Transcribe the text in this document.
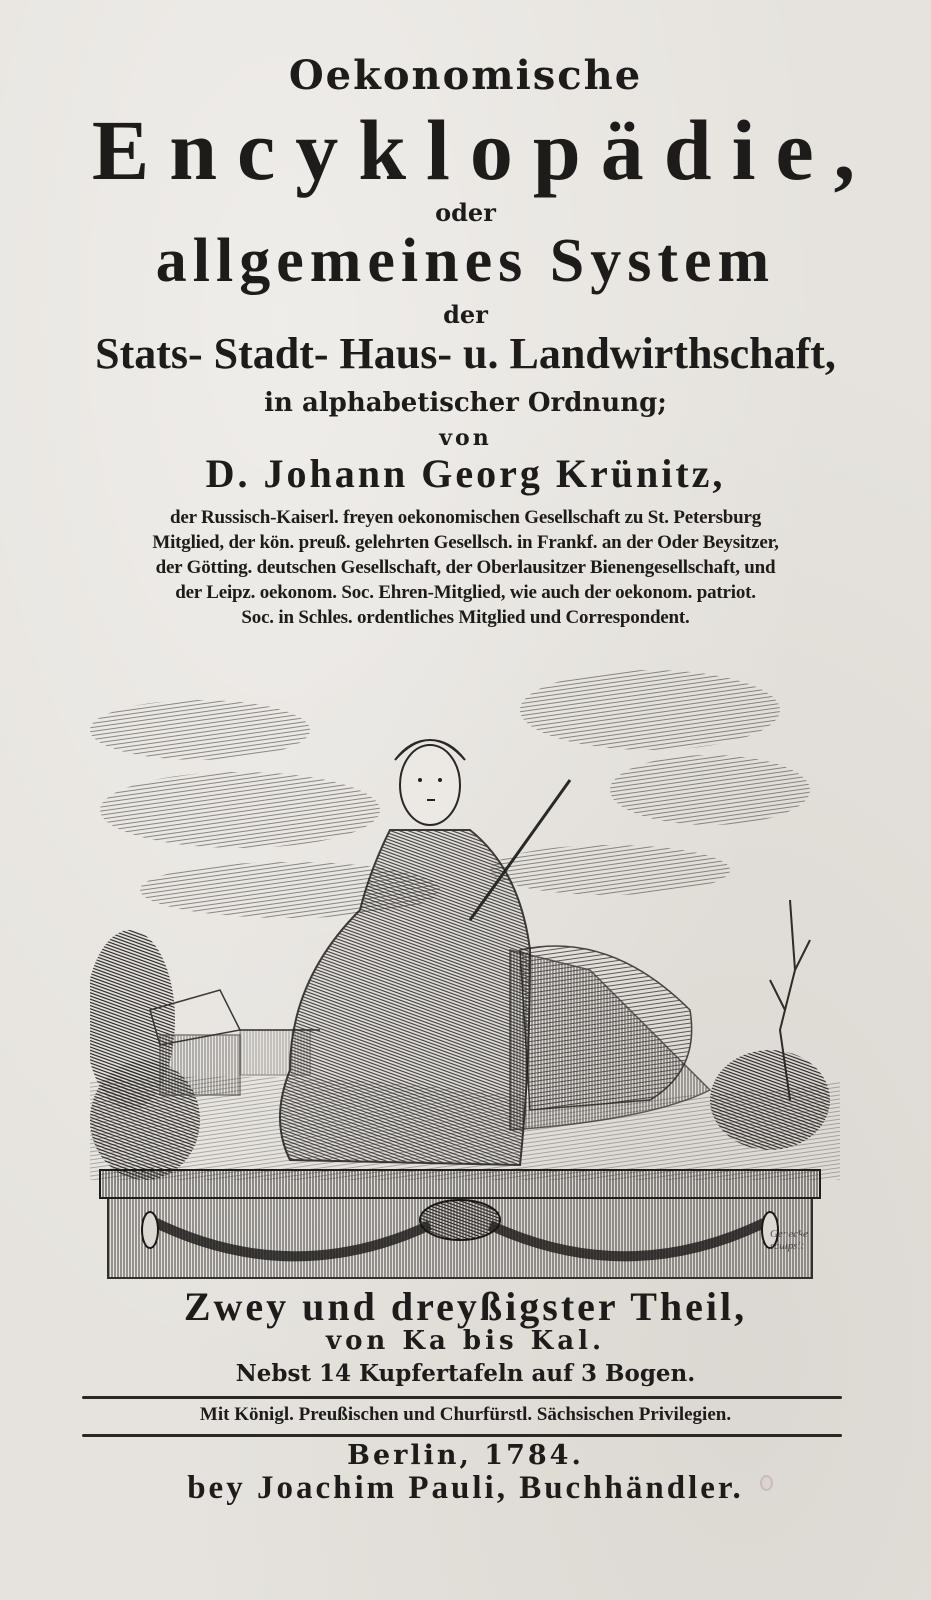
Oekonomische
Encyklopädie,
oder
allgemeines System
der
Stats- Stadt- Haus- u. Landwirthschaft,
in alphabetischer Ordnung;
von
D. Johann Georg Krünitz,
der Russisch-Kaiserl. freyen oekonomischen Gesellschaft zu St. Petersburg
Mitglied, der kön. preuß. gelehrten Gesellsch. in Frankf. an der Oder Beysitzer,
der Götting. deutschen Gesellschaft, der Oberlausitzer Bienengesellschaft, und
der Leipz. oekonom. Soc. Ehren-Mitglied, wie auch der oekonom. patriot.
Soc. in Schles. ordentliches Mitglied und Correspondent.
Genecke
sculpsit
Zwey und dreyßigster Theil,
von Ka bis Kal.
Nebst 14 Kupfertafeln auf 3 Bogen.
Mit Königl. Preußischen und Churfürstl. Sächsischen Privilegien.
Berlin, 1784.
bey Joachim Pauli, Buchhändler.
